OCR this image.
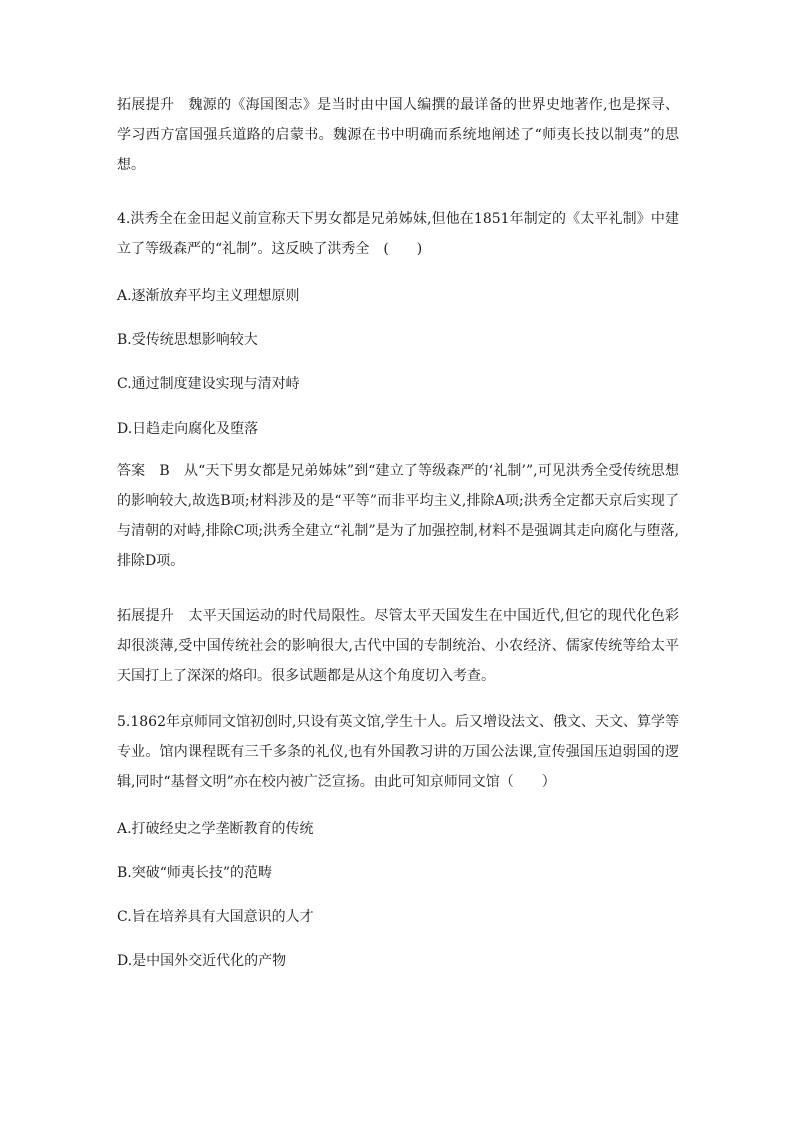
拓展提升　魏源的《海国图志》是当时由中国人编撰的最详备的世界史地著作,也是探寻、学习西方富国强兵道路的启蒙书。魏源在书中明确而系统地阐述了“师夷长技以制夷”的思想。

4.洪秀全在金田起义前宣称天下男女都是兄弟姊妹,但他在1851年制定的《太平礼制》中建立了等级森严的“礼制”。这反映了洪秀全　(　　)

A.逐渐放弃平均主义理想原则

B.受传统思想影响较大

C.通过制度建设实现与清对峙

D.日趋走向腐化及堕落

答案　B　从“天下男女都是兄弟姊妹”到“建立了等级森严的‘礼制’”,可见洪秀全受传统思想的影响较大,故选B项;材料涉及的是“平等”而非平均主义,排除A项;洪秀全定都天京后实现了与清朝的对峙,排除C项;洪秀全建立“礼制”是为了加强控制,材料不是强调其走向腐化与堕落,排除D项。

拓展提升　太平天国运动的时代局限性。尽管太平天国发生在中国近代,但它的现代化色彩却很淡薄,受中国传统社会的影响很大,古代中国的专制统治、小农经济、儒家传统等给太平天国打上了深深的烙印。很多试题都是从这个角度切入考查。

5.1862年京师同文馆初创时,只设有英文馆,学生十人。后又增设法文、俄文、天文、算学等专业。馆内课程既有三千多条的礼仪,也有外国教习讲的万国公法课,宣传强国压迫弱国的逻辑,同时“基督文明”亦在校内被广泛宣扬。由此可知京师同文馆（　　）

A.打破经史之学垄断教育的传统

B.突破“师夷长技”的范畴

C.旨在培养具有大国意识的人才

D.是中国外交近代化的产物
